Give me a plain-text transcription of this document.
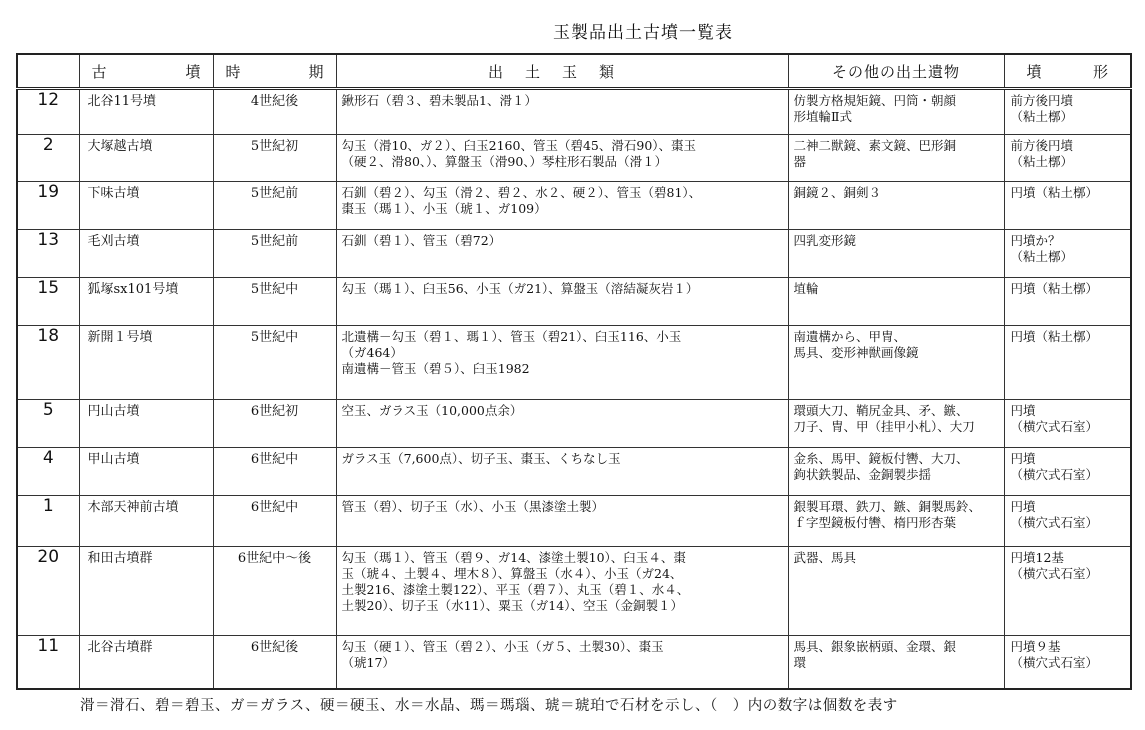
玉製品出土古墳一覧表

	古 墳	時 期	出土玉類	その他の出土遺物	墳 形

12	北谷11号墳	4世紀後	鍬形石（碧３、碧未製品1、滑１）	仿製方格規矩鏡、円筒・朝顔
形埴輪Ⅱ式	前方後円墳
（粘土槨）

2	大塚越古墳	5世紀初	勾玉（滑10、ガ２）、臼玉2160、管玉（碧45、滑石90）、棗玉
（硬２、滑80、）、算盤玉（滑90、）琴柱形石製品（滑１）	二神二獣鏡、素文鏡、巴形銅
器	前方後円墳
（粘土槨）

19	下味古墳	5世紀前	石釧（碧２）、勾玉（滑２、碧２、水２、硬２）、管玉（碧81）、
棗玉（瑪１）、小玉（琥１、ガ109）	銅鏡２、銅剣３	円墳（粘土槨）

13	毛刈古墳	5世紀前	石釧（碧１）、管玉（碧72）	四乳変形鏡	円墳か？
（粘土槨）

15	狐塚sx101号墳	5世紀中	勾玉（瑪１）、臼玉56、小玉（ガ21）、算盤玉（溶結凝灰岩１）	埴輪	円墳（粘土槨）

18	新開１号墳	5世紀中	北遺構－勾玉（碧１、瑪１）、管玉（碧21）、臼玉116、小玉
（ガ464）
南遺構－管玉（碧５）、臼玉1982	南遺構から、甲冑、
馬具、変形神獣画像鏡	円墳（粘土槨）

5	円山古墳	6世紀初	空玉、ガラス玉（10,000点余）	環頭大刀、鞘尻金具、矛、鏃、
刀子、冑、甲（挂甲小札）、大刀	円墳
（横穴式石室）

4	甲山古墳	6世紀中	ガラス玉（7,600点）、切子玉、棗玉、くちなし玉	金糸、馬甲、鏡板付轡、大刀、
鉤状鉄製品、金銅製歩揺	円墳
（横穴式石室）

1	木部天神前古墳	6世紀中	管玉（碧）、切子玉（水）、小玉（黒漆塗土製）	銀製耳環、鉄刀、鏃、銅製馬鈴、
ｆ字型鏡板付轡、楕円形杏葉	円墳
（横穴式石室）

20	和田古墳群	6世紀中～後	勾玉（瑪１）、管玉（碧９、ガ14、漆塗土製10）、臼玉４、棗
玉（琥４、土製４、埋木８）、算盤玉（水４）、小玉（ガ24、
土製216、漆塗土製122）、平玉（碧７）、丸玉（碧１、水４、
土製20）、切子玉（水11）、粟玉（ガ14）、空玉（金銅製１）	武器、馬具	円墳12基
（横穴式石室）

11	北谷古墳群	6世紀後	勾玉（硬１）、管玉（碧２）、小玉（ガ５、土製30）、棗玉
（琥17）	馬具、銀象嵌柄頭、金環、銀
環	円墳９基
（横穴式石室）
滑＝滑石、碧＝碧玉、ガ＝ガラス、硬＝硬玉、水＝水晶、瑪＝瑪瑙、琥＝琥珀で石材を示し、（　）内の数字は個数を表す
